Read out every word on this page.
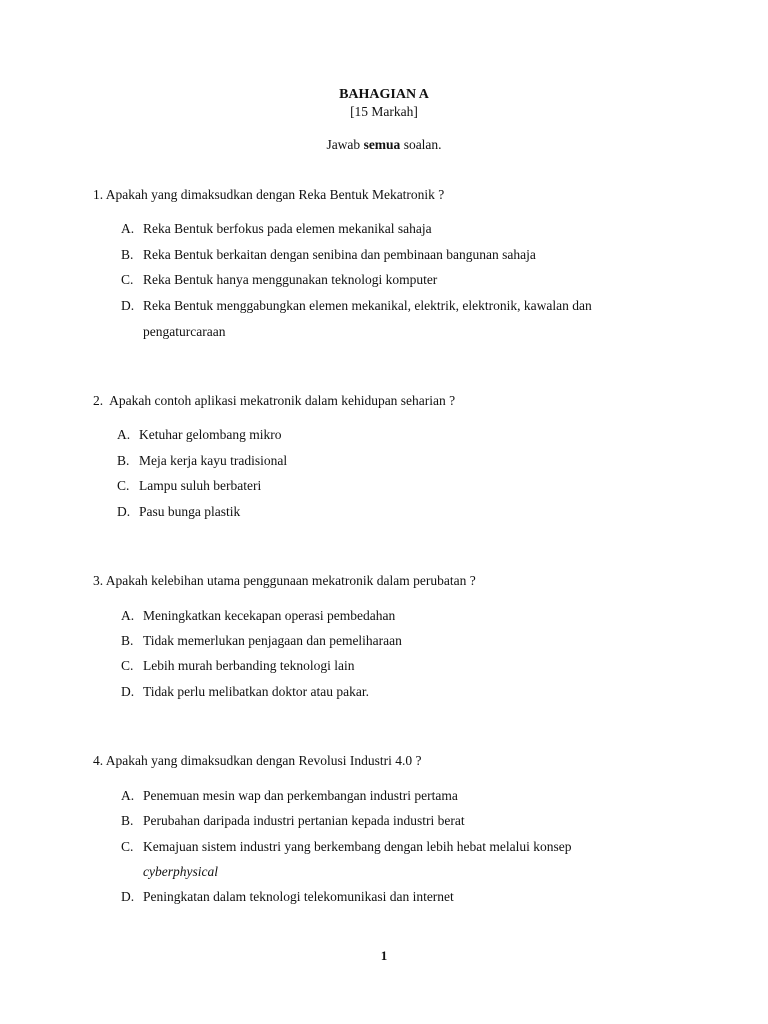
BAHAGIAN A
[15 Markah]
Jawab semua soalan.
1. Apakah yang dimaksudkan dengan Reka Bentuk Mekatronik ?
A. Reka Bentuk berfokus pada elemen mekanikal sahaja
B. Reka Bentuk berkaitan dengan senibina dan pembinaan bangunan sahaja
C. Reka Bentuk hanya menggunakan teknologi komputer
D. Reka Bentuk menggabungkan elemen mekanikal, elektrik, elektronik, kawalan dan
pengaturcaraan
2. Apakah contoh aplikasi mekatronik dalam kehidupan seharian ?
A. Ketuhar gelombang mikro
B. Meja kerja kayu tradisional
C. Lampu suluh berbateri
D. Pasu bunga plastik
3. Apakah kelebihan utama penggunaan mekatronik dalam perubatan ?
A. Meningkatkan kecekapan operasi pembedahan
B. Tidak memerlukan penjagaan dan pemeliharaan
C. Lebih murah berbanding teknologi lain
D. Tidak perlu melibatkan doktor atau pakar.
4. Apakah yang dimaksudkan dengan Revolusi Industri 4.0 ?
A. Penemuan mesin wap dan perkembangan industri pertama
B. Perubahan daripada industri pertanian kepada industri berat
C. Kemajuan sistem industri yang berkembang dengan lebih hebat melalui konsep
cyberphysical
D. Peningkatan dalam teknologi telekomunikasi dan internet
1
